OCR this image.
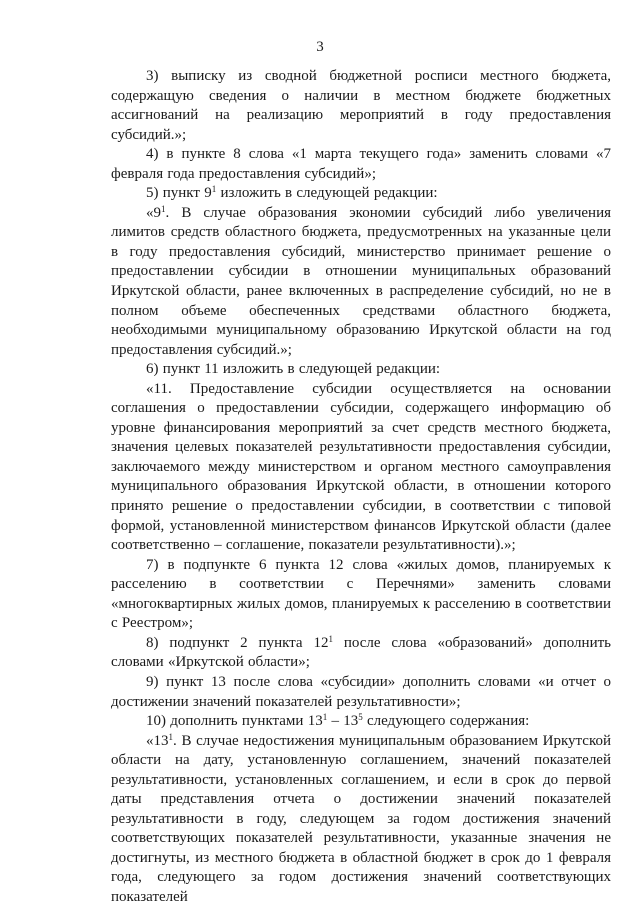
3

3) выписку из сводной бюджетной росписи местного бюджета, содержащую сведения о наличии в местном бюджете бюджетных ассигнований на реализацию мероприятий в году предоставления субсидий.»;

4) в пункте 8 слова «1 марта текущего года» заменить словами «7 февраля года предоставления субсидий»;

5) пункт $9^1$ изложить в следующей редакции:

«$9^1$. В случае образования экономии субсидий либо увеличения лимитов средств областного бюджета, предусмотренных на указанные цели в году предоставления субсидий, министерство принимает решение о предоставлении субсидии в отношении муниципальных образований Иркутской области, ранее включенных в распределение субсидий, но не в полном объеме обеспеченных средствами областного бюджета, необходимыми муниципальному образованию Иркутской области на год предоставления субсидий.»;

6) пункт 11 изложить в следующей редакции:

«11. Предоставление субсидии осуществляется на основании соглашения о предоставлении субсидии, содержащего информацию об уровне финансирования мероприятий за счет средств местного бюджета, значения целевых показателей результативности предоставления субсидии, заключаемого между министерством и органом местного самоуправления муниципального образования Иркутской области, в отношении которого принято решение о предоставлении субсидии, в соответствии с типовой формой, установленной министерством финансов Иркутской области (далее соответственно – соглашение, показатели результативности).»;

7) в подпункте 6 пункта 12 слова «жилых домов, планируемых к расселению в соответствии с Перечнями» заменить словами «многоквартирных жилых домов, планируемых к расселению в соответствии с Реестром»;

8) подпункт 2 пункта $12^1$ после слова «образований» дополнить словами «Иркутской области»;

9) пункт 13 после слова «субсидии» дополнить словами «и отчет о достижении значений показателей результативности»;

10) дополнить пунктами $13^1 - 13^5$ следующего содержания:

«$13^1$. В случае недостижения муниципальным образованием Иркутской области на дату, установленную соглашением, значений показателей результативности, установленных соглашением, и если в срок до первой даты представления отчета о достижении значений показателей результативности в году, следующем за годом достижения значений соответствующих показателей результативности, указанные значения не достигнуты, из местного бюджета в областной бюджет в срок до 1 февраля года, следующего за годом достижения значений соответствующих показателей
